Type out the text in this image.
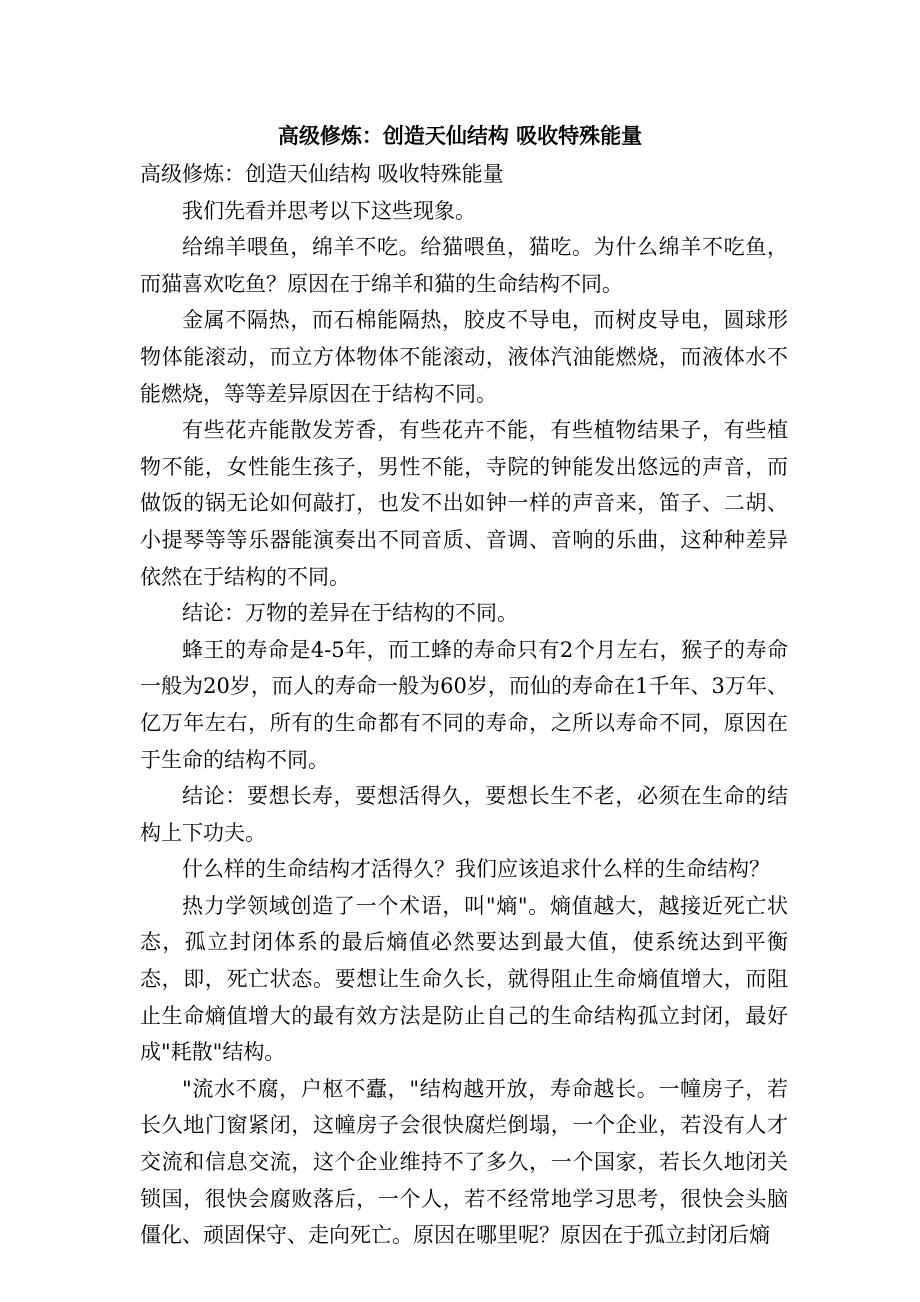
高级修炼：创造天仙结构 吸收特殊能量

高级修炼：创造天仙结构 吸收特殊能量

我们先看并思考以下这些现象。

给绵羊喂鱼，绵羊不吃。给猫喂鱼，猫吃。为什么绵羊不吃鱼，而猫喜欢吃鱼？原因在于绵羊和猫的生命结构不同。

金属不隔热，而石棉能隔热，胶皮不导电，而树皮导电，圆球形物体能滚动，而立方体物体不能滚动，液体汽油能燃烧，而液体水不能燃烧，等等差异原因在于结构不同。

有些花卉能散发芳香，有些花卉不能，有些植物结果子，有些植物不能，女性能生孩子，男性不能，寺院的钟能发出悠远的声音，而做饭的锅无论如何敲打，也发不出如钟一样的声音来，笛子、二胡、小提琴等等乐器能演奏出不同音质、音调、音响的乐曲，这种种差异依然在于结构的不同。

结论：万物的差异在于结构的不同。

蜂王的寿命是4-5年，而工蜂的寿命只有2个月左右，猴子的寿命一般为20岁，而人的寿命一般为60岁，而仙的寿命在1千年、3万年、亿万年左右，所有的生命都有不同的寿命，之所以寿命不同，原因在于生命的结构不同。

结论：要想长寿，要想活得久，要想长生不老，必须在生命的结构上下功夫。

什么样的生命结构才活得久？我们应该追求什么样的生命结构？

热力学领域创造了一个术语，叫"熵"。熵值越大，越接近死亡状态，孤立封闭体系的最后熵值必然要达到最大值，使系统达到平衡态，即，死亡状态。要想让生命久长，就得阻止生命熵值增大，而阻止生命熵值增大的最有效方法是防止自己的生命结构孤立封闭，最好成"耗散"结构。

"流水不腐，户枢不蠹，"结构越开放，寿命越长。一幢房子，若长久地门窗紧闭，这幢房子会很快腐烂倒塌，一个企业，若没有人才交流和信息交流，这个企业维持不了多久，一个国家，若长久地闭关锁国，很快会腐败落后，一个人，若不经常地学习思考，很快会头脑僵化、顽固保守、走向死亡。原因在哪里呢？原因在于孤立封闭后熵
